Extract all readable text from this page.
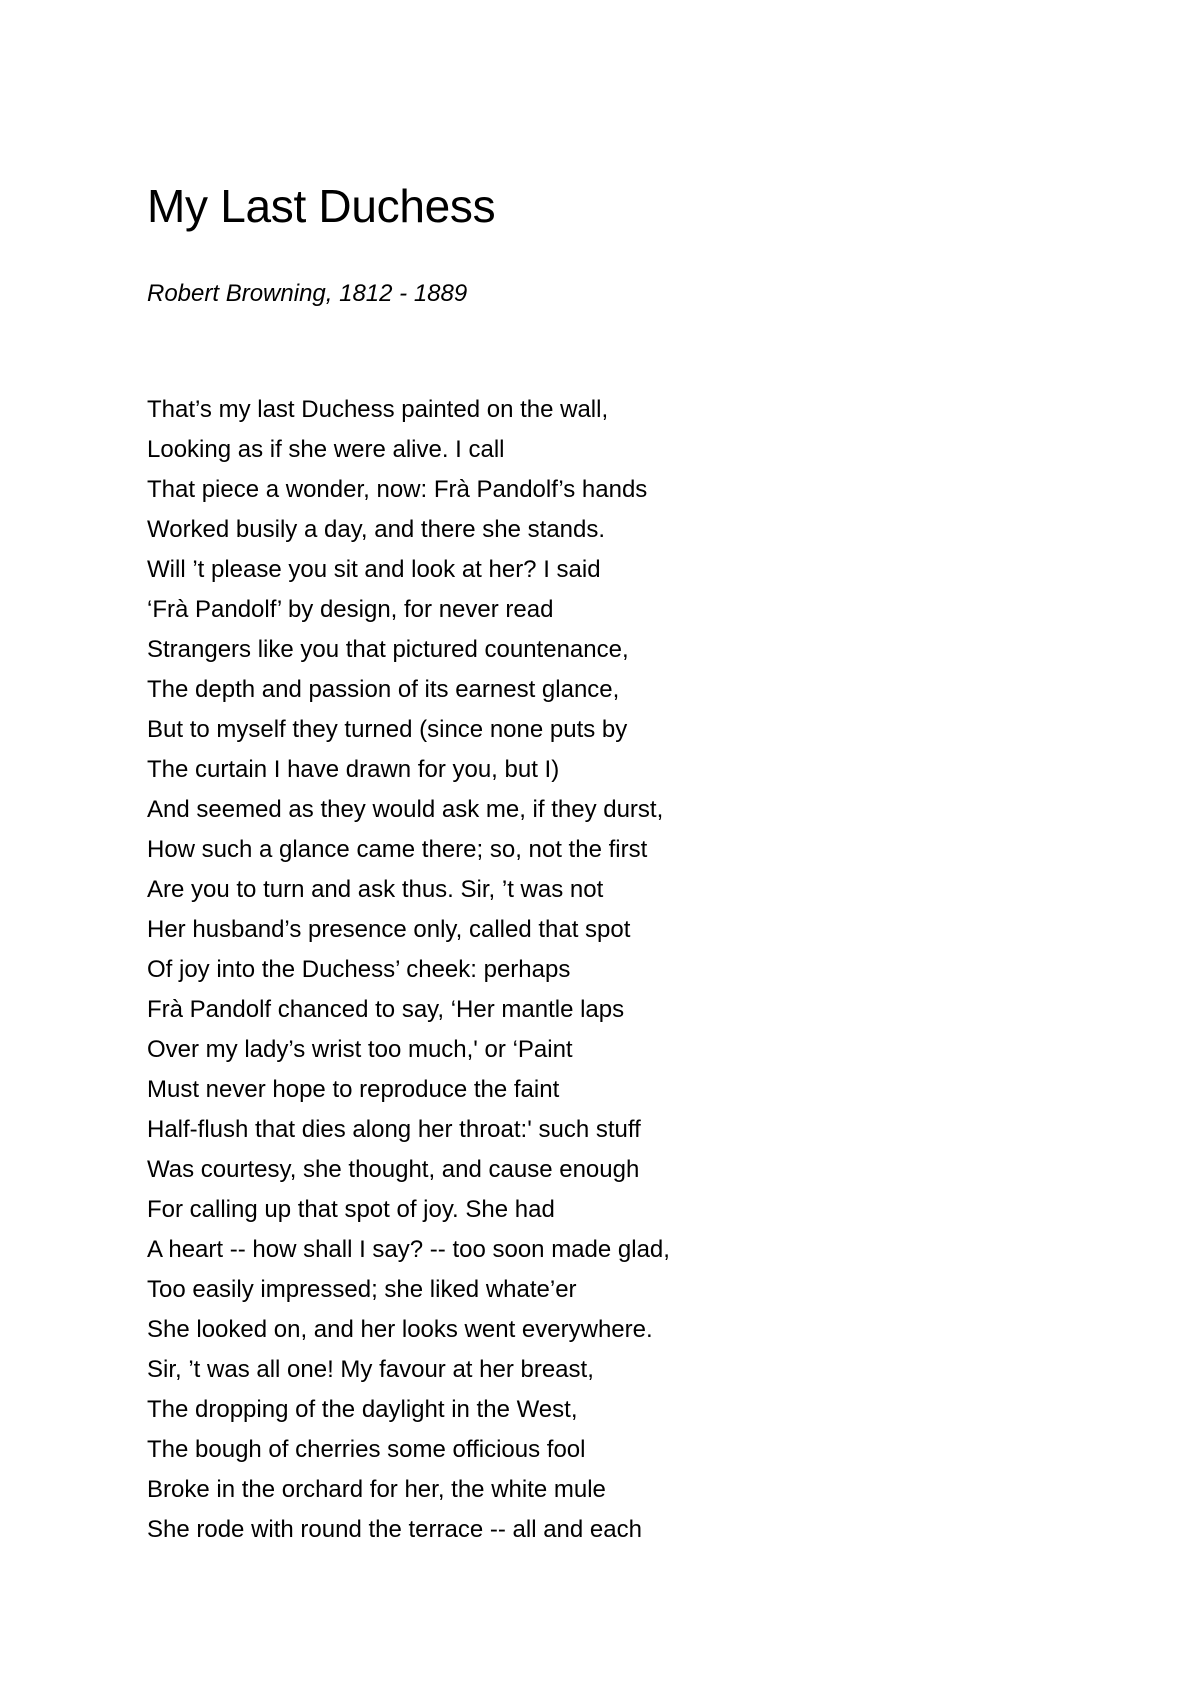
My Last Duchess

Robert Browning, 1812 - 1889

That’s my last Duchess painted on the wall,
Looking as if she were alive. I call
That piece a wonder, now: Frà Pandolf’s hands
Worked busily a day, and there she stands.
Will ’t please you sit and look at her? I said
‘Frà Pandolf’ by design, for never read
Strangers like you that pictured countenance,
The depth and passion of its earnest glance,
But to myself they turned (since none puts by
The curtain I have drawn for you, but I)
And seemed as they would ask me, if they durst,
How such a glance came there; so, not the first
Are you to turn and ask thus. Sir, ’t was not
Her husband’s presence only, called that spot
Of joy into the Duchess’ cheek: perhaps
Frà Pandolf chanced to say, ‘Her mantle laps
Over my lady’s wrist too much,' or ‘Paint
Must never hope to reproduce the faint
Half-flush that dies along her throat:' such stuff
Was courtesy, she thought, and cause enough
For calling up that spot of joy. She had
A heart -- how shall I say? -- too soon made glad,
Too easily impressed; she liked whate’er
She looked on, and her looks went everywhere.
Sir, ’t was all one! My favour at her breast,
The dropping of the daylight in the West,
The bough of cherries some officious fool
Broke in the orchard for her, the white mule
She rode with round the terrace -- all and each
